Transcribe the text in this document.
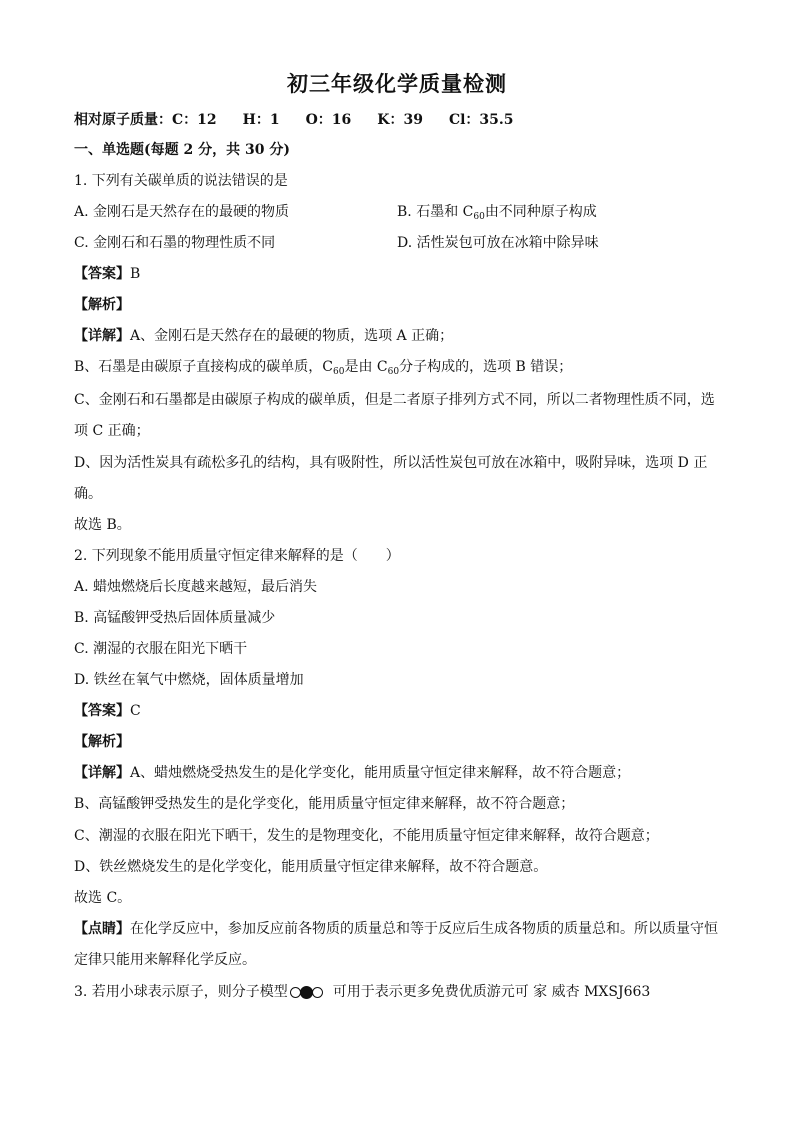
初三年级化学质量检测
相对原子质量：C：12 H：1 O：16 K：39 Cl：35.5
一、单选题(每题 2 分，共 30 分)
1. 下列有关碳单质的说法错误的是
A. 金刚石是天然存在的最硬的物质	B. 石墨和 $C_{60}$由不同种原子构成
C. 金刚石和石墨的物理性质不同	D. 活性炭包可放在冰箱中除异味
【答案】B
【解析】
【详解】A、金刚石是天然存在的最硬的物质，选项 A 正确；
B、石墨是由碳原子直接构成的碳单质，$C_{60}$是由 $C_{60}$分子构成的，选项 B 错误；
C、金刚石和石墨都是由碳原子构成的碳单质，但是二者原子排列方式不同，所以二者物理性质不同，选
项 C 正确；
D、因为活性炭具有疏松多孔的结构，具有吸附性，所以活性炭包可放在冰箱中，吸附异味，选项 D 正
确。
故选 B。
2. 下列现象不能用质量守恒定律来解释的是（　　）
A. 蜡烛燃烧后长度越来越短，最后消失
B. 高锰酸钾受热后固体质量减少
C. 潮湿的衣服在阳光下晒干
D. 铁丝在氧气中燃烧，固体质量增加
【答案】C
【解析】
【详解】A、蜡烛燃烧受热发生的是化学变化，能用质量守恒定律来解释，故不符合题意；
B、高锰酸钾受热发生的是化学变化，能用质量守恒定律来解释，故不符合题意；
C、潮湿的衣服在阳光下晒干，发生的是物理变化，不能用质量守恒定律来解释，故符合题意；
D、铁丝燃烧发生的是化学变化，能用质量守恒定律来解释，故不符合题意。
故选 C。
【点睛】在化学反应中，参加反应前各物质的质量总和等于反应后生成各物质的质量总和。所以质量守恒
定律只能用来解释化学反应。
3. 若用小球表示原子，则分子模型	可用于表示更多免费优质游元可 家 威杏 MXSJ663
